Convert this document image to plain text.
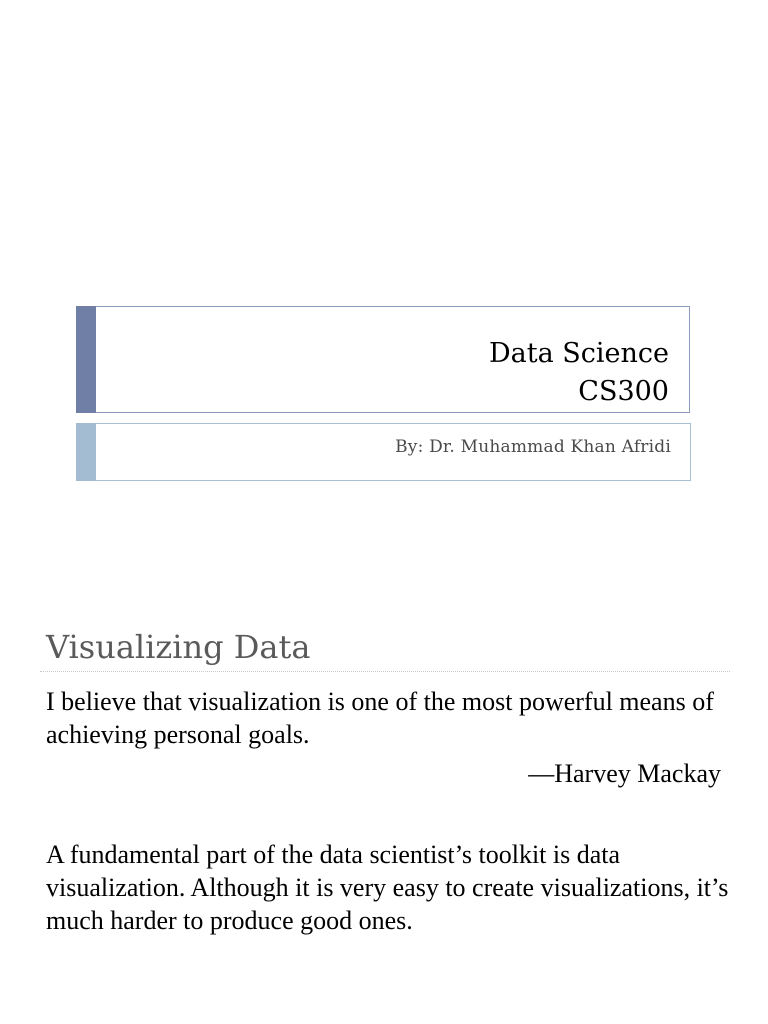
Data Science
CS300
By: Dr. Muhammad Khan Afridi
Visualizing Data
I believe that visualization is one of the most powerful means of achieving personal goals.
—Harvey Mackay
A fundamental part of the data scientist’s toolkit is data visualization. Although it is very easy to create visualizations, it’s much harder to produce good ones.
